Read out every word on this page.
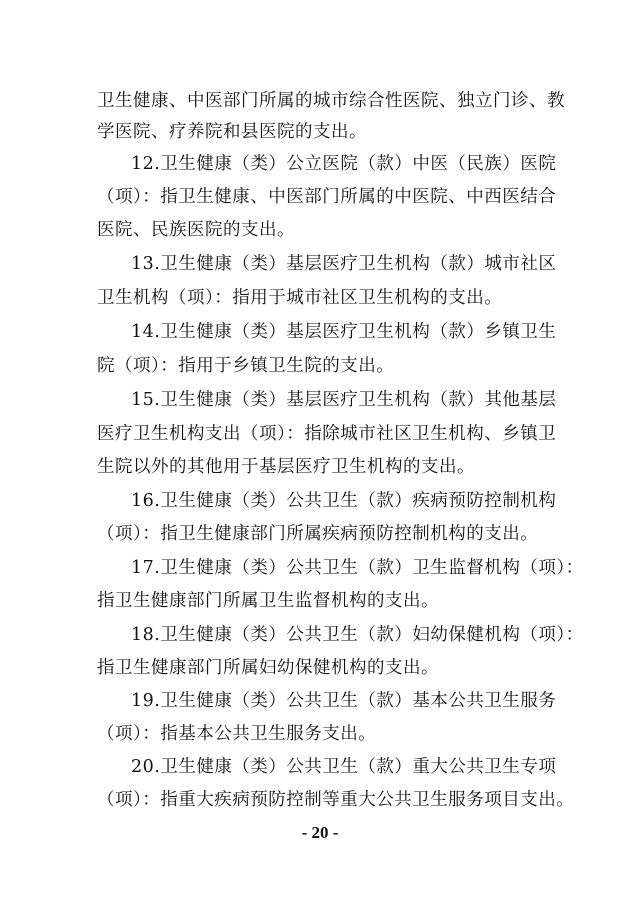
卫生健康、中医部门所属的城市综合性医院、独立门诊、教
学医院、疗养院和县医院的支出。
12.卫生健康（类）公立医院（款）中医（民族）医院
（项）：指卫生健康、中医部门所属的中医院、中西医结合
医院、民族医院的支出。
13.卫生健康（类）基层医疗卫生机构（款）城市社区
卫生机构（项）：指用于城市社区卫生机构的支出。
14.卫生健康（类）基层医疗卫生机构（款）乡镇卫生
院（项）：指用于乡镇卫生院的支出。
15.卫生健康（类）基层医疗卫生机构（款）其他基层
医疗卫生机构支出（项）：指除城市社区卫生机构、乡镇卫
生院以外的其他用于基层医疗卫生机构的支出。
16.卫生健康（类）公共卫生（款）疾病预防控制机构
（项）：指卫生健康部门所属疾病预防控制机构的支出。
17.卫生健康（类）公共卫生（款）卫生监督机构（项）：
指卫生健康部门所属卫生监督机构的支出。
18.卫生健康（类）公共卫生（款）妇幼保健机构（项）：
指卫生健康部门所属妇幼保健机构的支出。
19.卫生健康（类）公共卫生（款）基本公共卫生服务
（项）：指基本公共卫生服务支出。
20.卫生健康（类）公共卫生（款）重大公共卫生专项
（项）：指重大疾病预防控制等重大公共卫生服务项目支出。
- 20 -
